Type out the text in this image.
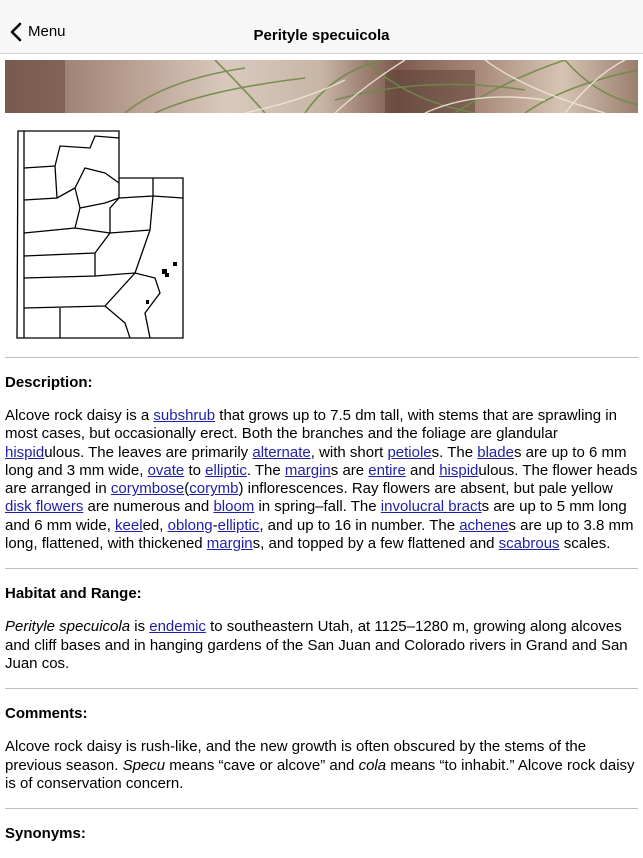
Menu	Perityle specuicola
Description:

Alcove rock daisy is a subshrub that grows up to 7.5 dm tall, with stems that are sprawling in most cases, but occasionally erect. Both the branches and the foliage are glandular hispidulous. The leaves are primarily alternate, with short petioles. The blades are up to 6 mm long and 3 mm wide, ovate to elliptic. The margins are entire and hispidulous. The flower heads are arranged in corymbose(corymb) inflorescences. Ray flowers are absent, but pale yellow disk flowers are numerous and bloom in spring–fall. The involucral bracts are up to 5 mm long and 6 mm wide, keeled, oblong-elliptic, and up to 16 in number. The achenes are up to 3.8 mm long, flattened, with thickened margins, and topped by a few flattened and scabrous scales.

Habitat and Range:

Perityle specuicola is endemic to southeastern Utah, at 1125–1280 m, growing along alcoves and cliff bases and in hanging gardens of the San Juan and Colorado rivers in Grand and San Juan cos.

Comments:

Alcove rock daisy is rush-like, and the new growth is often obscured by the stems of the previous season. Specu means “cave or alcove” and cola means “to inhabit.” Alcove rock daisy is of conservation concern.

Synonyms:
